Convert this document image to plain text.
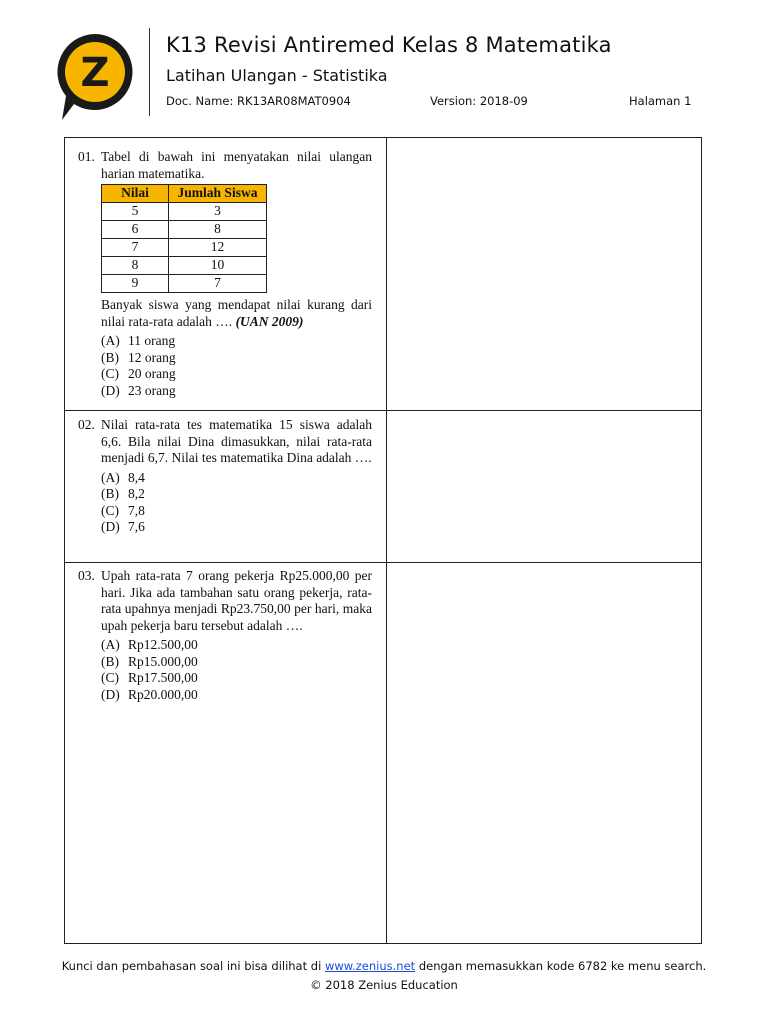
Z
K13 Revisi Antiremed Kelas 8 Matematika
Latihan Ulangan - Statistika
Doc. Name: RK13AR08MAT0904	Version: 2018-09	Halaman 1
01. Tabel di bawah ini menyatakan nilai ulangan harian matematika.
Nilai	Jumlah Siswa
5	3
6	8
7	12
8	10
9	7
Banyak siswa yang mendapat nilai kurang dari nilai rata-rata adalah …. (UAN 2009)
(A) 11 orang
(B) 12 orang
(C) 20 orang
(D) 23 orang
02. Nilai rata-rata tes matematika 15 siswa adalah 6,6. Bila nilai Dina dimasukkan, nilai rata-rata menjadi 6,7. Nilai tes matematika Dina adalah ….
(A) 8,4
(B) 8,2
(C) 7,8
(D) 7,6
03. Upah rata-rata 7 orang pekerja Rp25.000,00 per hari. Jika ada tambahan satu orang pekerja, rata-rata upahnya menjadi Rp23.750,00 per hari, maka upah pekerja baru tersebut adalah ….
(A) Rp12.500,00
(B) Rp15.000,00
(C) Rp17.500,00
(D) Rp20.000,00
Kunci dan pembahasan soal ini bisa dilihat di www.zenius.net dengan memasukkan kode 6782 ke menu search.
© 2018 Zenius Education
